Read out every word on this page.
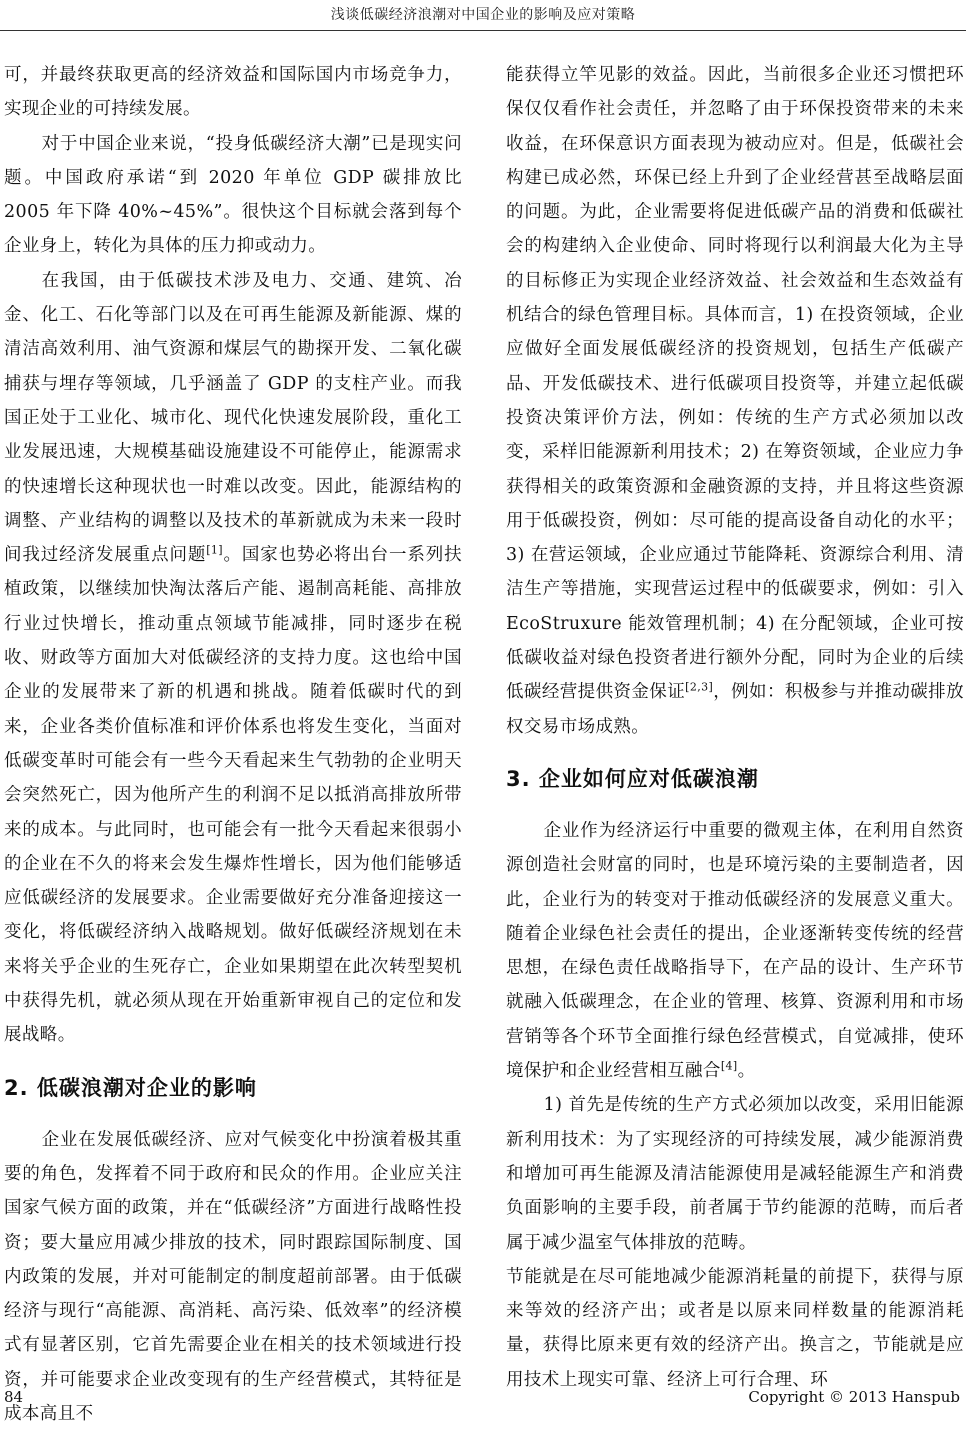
浅谈低碳经济浪潮对中国企业的影响及应对策略

可，并最终获取更高的经济效益和国际国内市场竞争力，实现企业的可持续发展。

对于中国企业来说，“投身低碳经济大潮”已是现实问题。中国政府承诺“到 2020 年单位 GDP 碳排放比 2005 年下降 40%~45%”。很快这个目标就会落到每个企业身上，转化为具体的压力抑或动力。

在我国，由于低碳技术涉及电力、交通、建筑、冶金、化工、石化等部门以及在可再生能源及新能源、煤的清洁高效利用、油气资源和煤层气的勘探开发、二氧化碳捕获与埋存等领域，几乎涵盖了 GDP 的支柱产业。而我国正处于工业化、城市化、现代化快速发展阶段，重化工业发展迅速，大规模基础设施建设不可能停止，能源需求的快速增长这种现状也一时难以改变。因此，能源结构的调整、产业结构的调整以及技术的革新就成为未来一段时间我过经济发展重点问题[1]。国家也势必将出台一系列扶植政策，以继续加快淘汰落后产能、遏制高耗能、高排放行业过快增长，推动重点领域节能减排，同时逐步在税收、财政等方面加大对低碳经济的支持力度。这也给中国企业的发展带来了新的机遇和挑战。随着低碳时代的到来，企业各类价值标准和评价体系也将发生变化，当面对低碳变革时可能会有一些今天看起来生气勃勃的企业明天会突然死亡，因为他所产生的利润不足以抵消高排放所带来的成本。与此同时，也可能会有一批今天看起来很弱小的企业在不久的将来会发生爆炸性增长，因为他们能够适应低碳经济的发展要求。企业需要做好充分准备迎接这一变化，将低碳经济纳入战略规划。做好低碳经济规划在未来将关乎企业的生死存亡，企业如果期望在此次转型契机中获得先机，就必须从现在开始重新审视自己的定位和发展战略。

2. 低碳浪潮对企业的影响

企业在发展低碳经济、应对气候变化中扮演着极其重要的角色，发挥着不同于政府和民众的作用。企业应关注国家气候方面的政策，并在“低碳经济”方面进行战略性投资；要大量应用减少排放的技术，同时跟踪国际制度、国内政策的发展，并对可能制定的制度超前部署。由于低碳经济与现行“高能源、高消耗、高污染、低效率”的经济模式有显著区别，它首先需要企业在相关的技术领域进行投资，并可能要求企业改变现有的生产经营模式，其特征是成本高且不

能获得立竿见影的效益。因此，当前很多企业还习惯把环保仅仅看作社会责任，并忽略了由于环保投资带来的未来收益，在环保意识方面表现为被动应对。但是，低碳社会构建已成必然，环保已经上升到了企业经营甚至战略层面的问题。为此，企业需要将促进低碳产品的消费和低碳社会的构建纳入企业使命、同时将现行以利润最大化为主导的目标修正为实现企业经济效益、社会效益和生态效益有机结合的绿色管理目标。具体而言，1) 在投资领域，企业应做好全面发展低碳经济的投资规划，包括生产低碳产品、开发低碳技术、进行低碳项目投资等，并建立起低碳投资决策评价方法，例如：传统的生产方式必须加以改变，采样旧能源新利用技术；2) 在筹资领域，企业应力争获得相关的政策资源和金融资源的支持，并且将这些资源用于低碳投资，例如：尽可能的提高设备自动化的水平；3) 在营运领域，企业应通过节能降耗、资源综合利用、清洁生产等措施，实现营运过程中的低碳要求，例如：引入 EcoStruxure 能效管理机制；4) 在分配领域，企业可按低碳收益对绿色投资者进行额外分配，同时为企业的后续低碳经营提供资金保证[2,3]，例如：积极参与并推动碳排放权交易市场成熟。

3. 企业如何应对低碳浪潮

企业作为经济运行中重要的微观主体，在利用自然资源创造社会财富的同时，也是环境污染的主要制造者，因此，企业行为的转变对于推动低碳经济的发展意义重大。随着企业绿色社会责任的提出，企业逐渐转变传统的经营思想，在绿色责任战略指导下，在产品的设计、生产环节就融入低碳理念，在企业的管理、核算、资源利用和市场营销等各个环节全面推行绿色经营模式，自觉减排，使环境保护和企业经营相互融合[4]。

1) 首先是传统的生产方式必须加以改变，采用旧能源新利用技术：为了实现经济的可持续发展，减少能源消费和增加可再生能源及清洁能源使用是减轻能源生产和消费负面影响的主要手段，前者属于节约能源的范畴，而后者属于减少温室气体排放的范畴。

节能就是在尽可能地减少能源消耗量的前提下，获得与原来等效的经济产出；或者是以原来同样数量的能源消耗量，获得比原来更有效的经济产出。换言之，节能就是应用技术上现实可靠、经济上可行合理、环

84	Copyright © 2013 Hanspub
